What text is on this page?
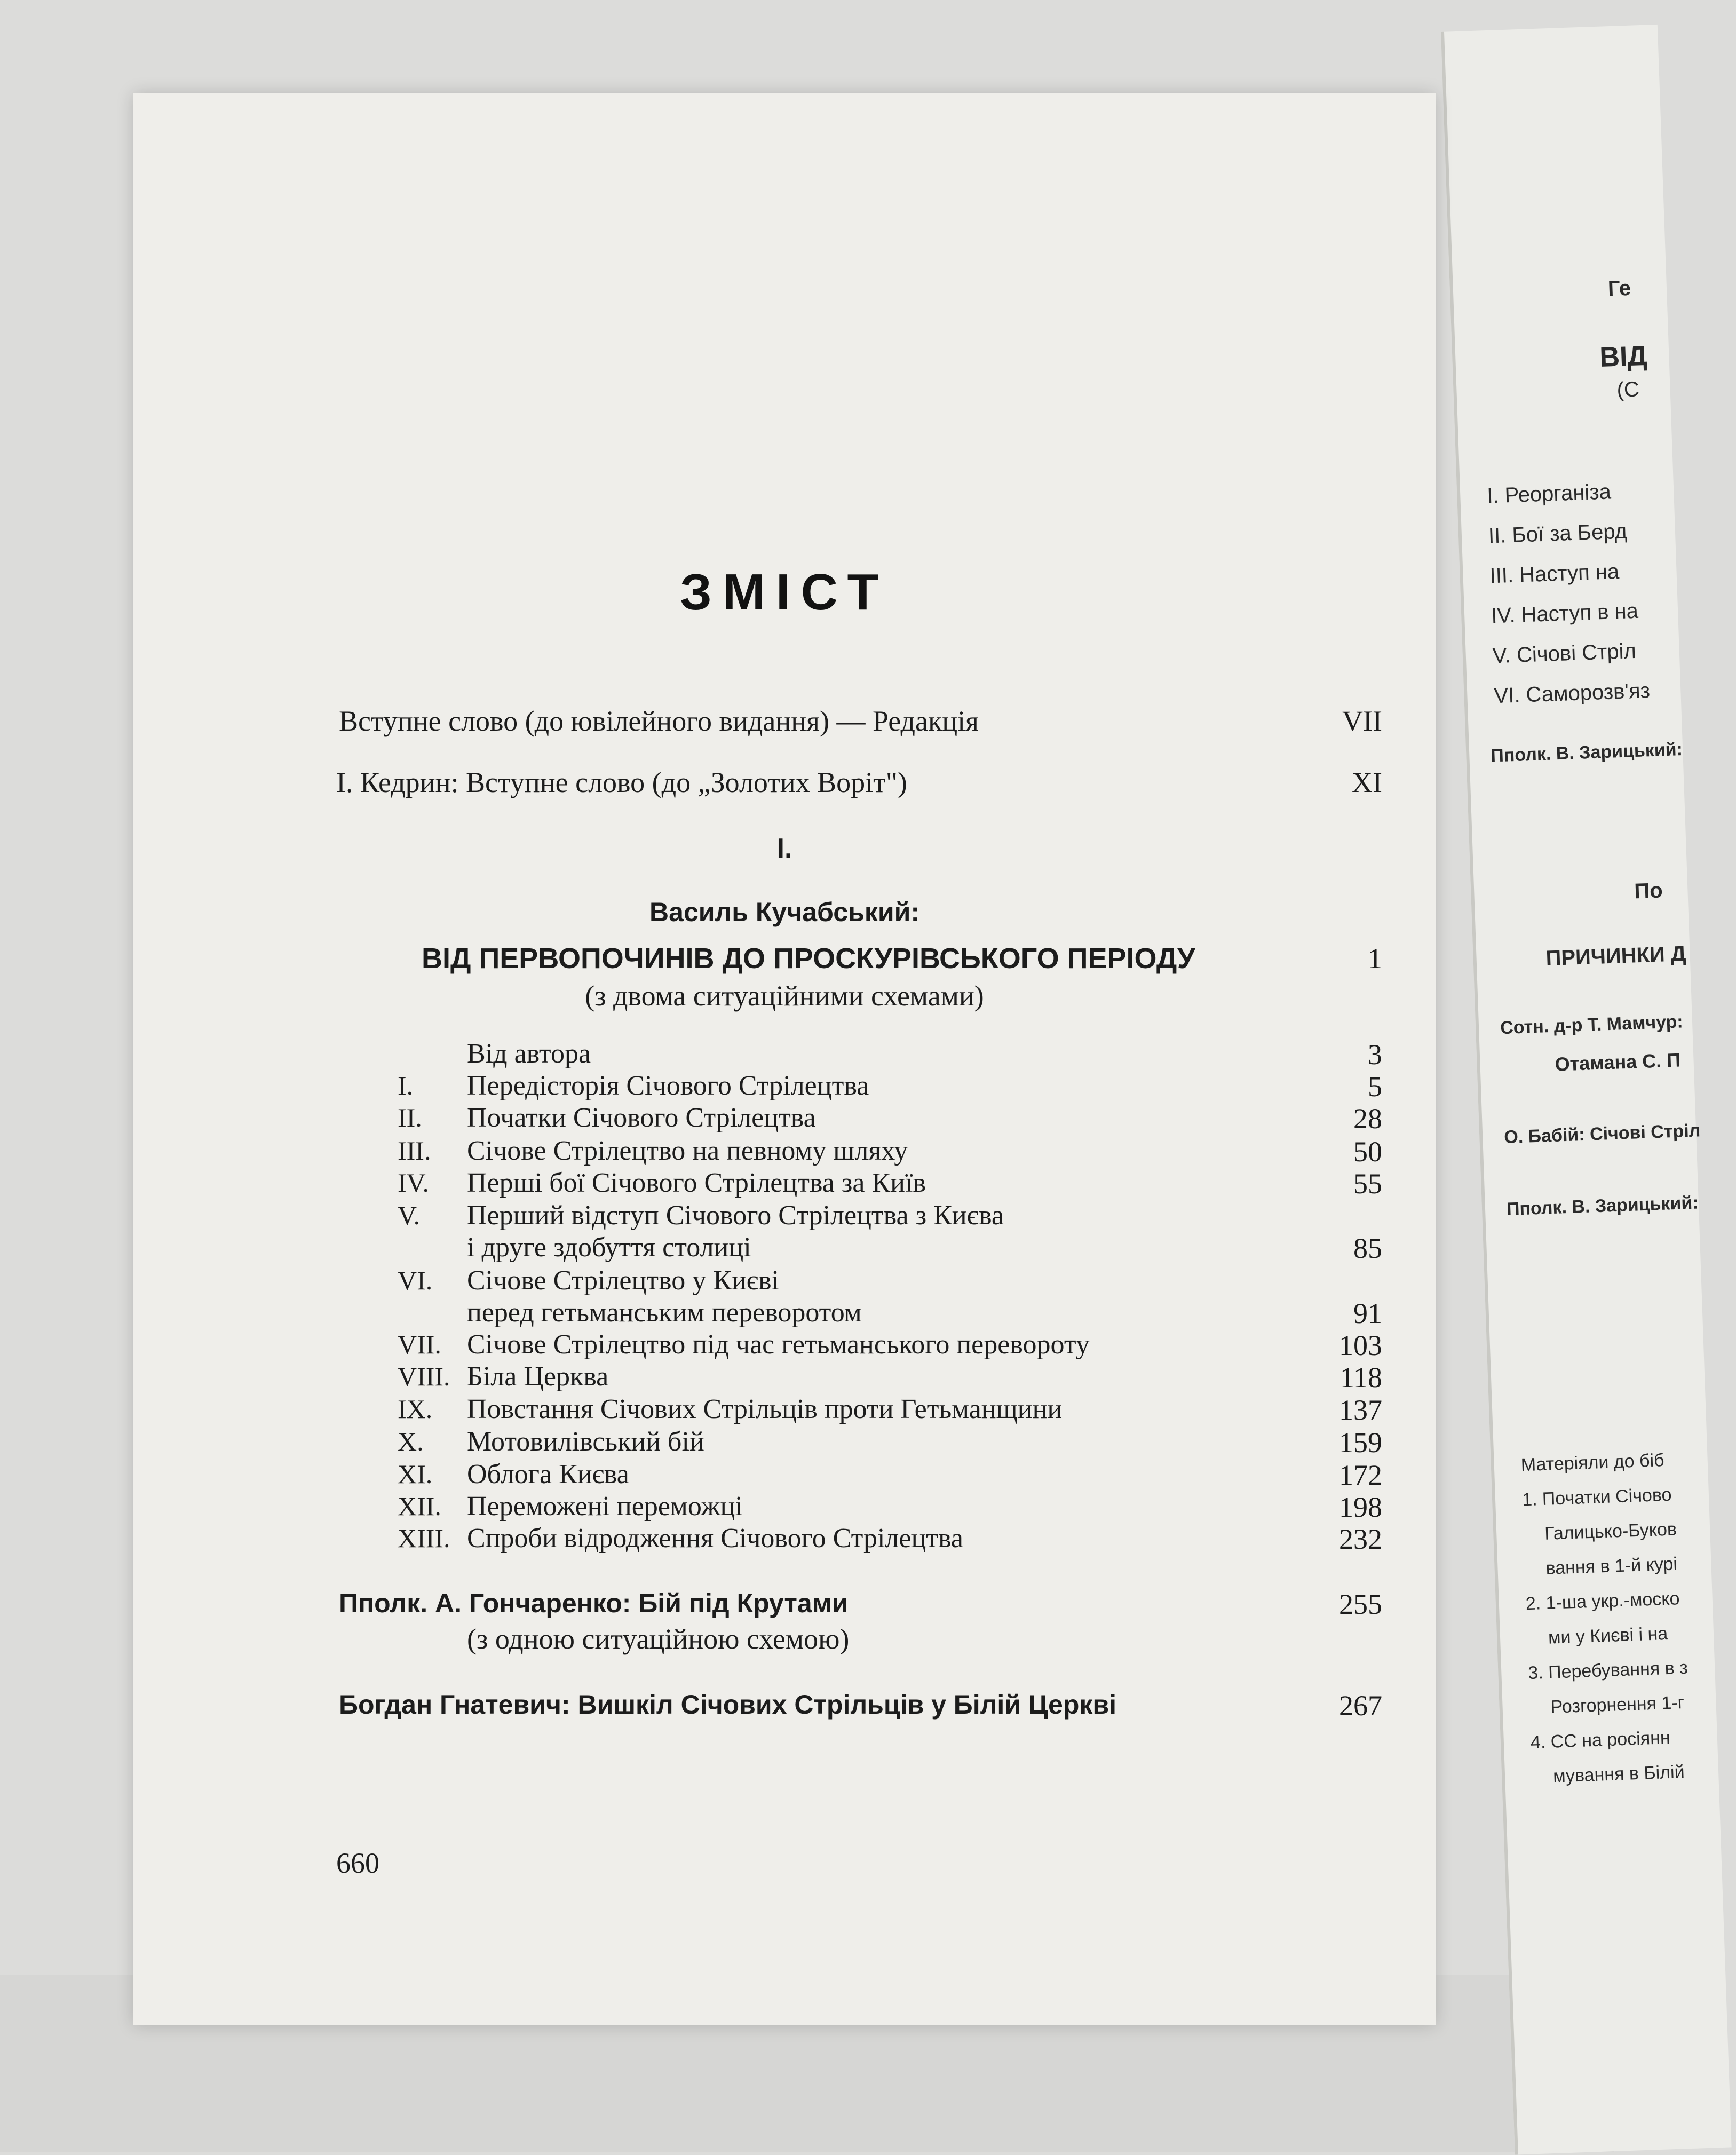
Ге
ВІД
(С
I. Реорганіза
II. Бої за Берд
III. Наступ на
IV. Наступ в на
V. Січові Стріл
VI. Саморозв'яз
Пполк. В. Зарицький:
По
ПРИЧИНКИ Д
Сотн. д-р Т. Мамчур:
Отамана С. П
О. Бабій: Січові Стріл
Пполк. В. Зарицький:
Матеріяли до біб
1. Початки Січово
Галицько-Буков
вання в 1-й курі
2. 1-ша укр.-моско
ми у Києві і на
3. Перебування в з
Розгорнення 1-г
4. СС на росіянн
мування в Білій
ЗМІСТ
Вступне слово (до ювілейного видання) — Редакція	VII
І. Кедрин: Вступне слово (до „Золотих Воріт")	XI
I.
Василь Кучабський:
ВІД ПЕРВОПОЧИНІВ ДО ПРОСКУРІВСЬКОГО ПЕРІОДУ	1
(з двома ситуаційними схемами)
Від автора	3
I. Передісторія Січового Стрілецтва	5
II. Початки Січового Стрілецтва	28
III. Січове Стрілецтво на певному шляху	50
IV. Перші бої Січового Стрілецтва за Київ	55
V. Перший відступ Січового Стрілецтва з Києва
і друге здобуття столиці	85
VI. Січове Стрілецтво у Києві
перед гетьманським переворотом	91
VII. Січове Стрілецтво під час гетьманського перевороту	103
VIII. Біла Церква	118
IX. Повстання Січових Стрільців проти Гетьманщини	137
X. Мотовилівський бій	159
XI. Облога Києва	172
XII. Переможені переможці	198
XIII. Спроби відродження Січового Стрілецтва	232
Пполк. А. Гончаренко: Бій під Крутами	255
(з одною ситуаційною схемою)
Богдан Гнатевич: Вишкіл Січових Стрільців у Білій Церкві	267
660
